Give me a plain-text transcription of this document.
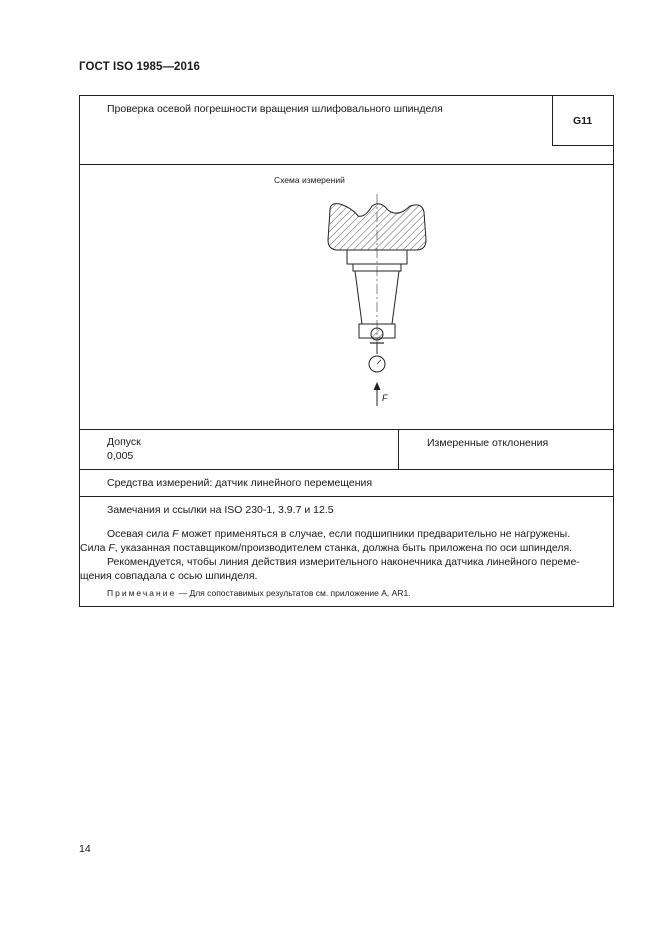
ГОСТ ISO 1985—2016
Проверка осевой погрешности вращения шлифовального шпинделя
G11
Схема измерений
F
Допуск
0,005
Измеренные отклонения
Средства измерений: датчик линейного перемещения
Замечания и ссылки на ISO 230-1, 3.9.7 и 12.5
Осевая сила F может применяться в случае, если подшипники предварительно не нагружены.
Сила F, указанная поставщиком/производителем станка, должна быть приложена по оси шпинделя.
Рекомендуется, чтобы линия действия измерительного наконечника датчика линейного переме-
щения совпадала с осью шпинделя.
Примечание — Для сопоставимых результатов см. приложение А, AR1.
14
